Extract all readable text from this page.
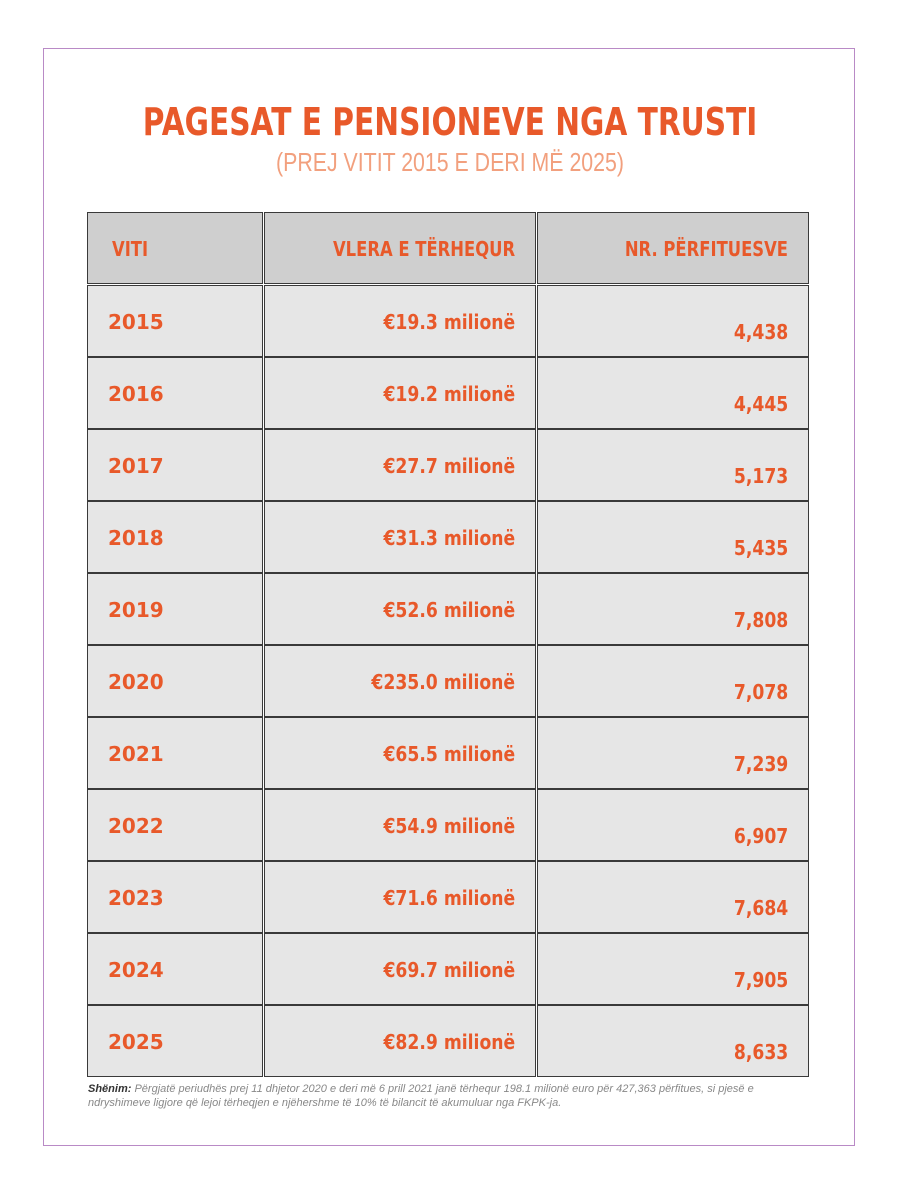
PAGESAT E PENSIONEVE NGA TRUSTI
(PREJ VITIT 2015 E DERI MË 2025)
VITI	VLERA E TËRHEQUR	NR. PËRFITUESVE
2015	€19.3 milionë	4,438
2016	€19.2 milionë	4,445
2017	€27.7 milionë	5,173
2018	€31.3 milionë	5,435
2019	€52.6 milionë	7,808
2020	€235.0 milionë	7,078
2021	€65.5 milionë	7,239
2022	€54.9 milionë	6,907
2023	€71.6 milionë	7,684
2024	€69.7 milionë	7,905
2025	€82.9 milionë	8,633
Shënim: Përgjatë periudhës prej 11 dhjetor 2020 e deri më 6 prill 2021 janë tërhequr 198.1 milionë euro për 427,363 përfitues, si pjesë e ndryshimeve ligjore që lejoi tërheqjen e njëhershme të 10% të bilancit të akumuluar nga FKPK-ja.
